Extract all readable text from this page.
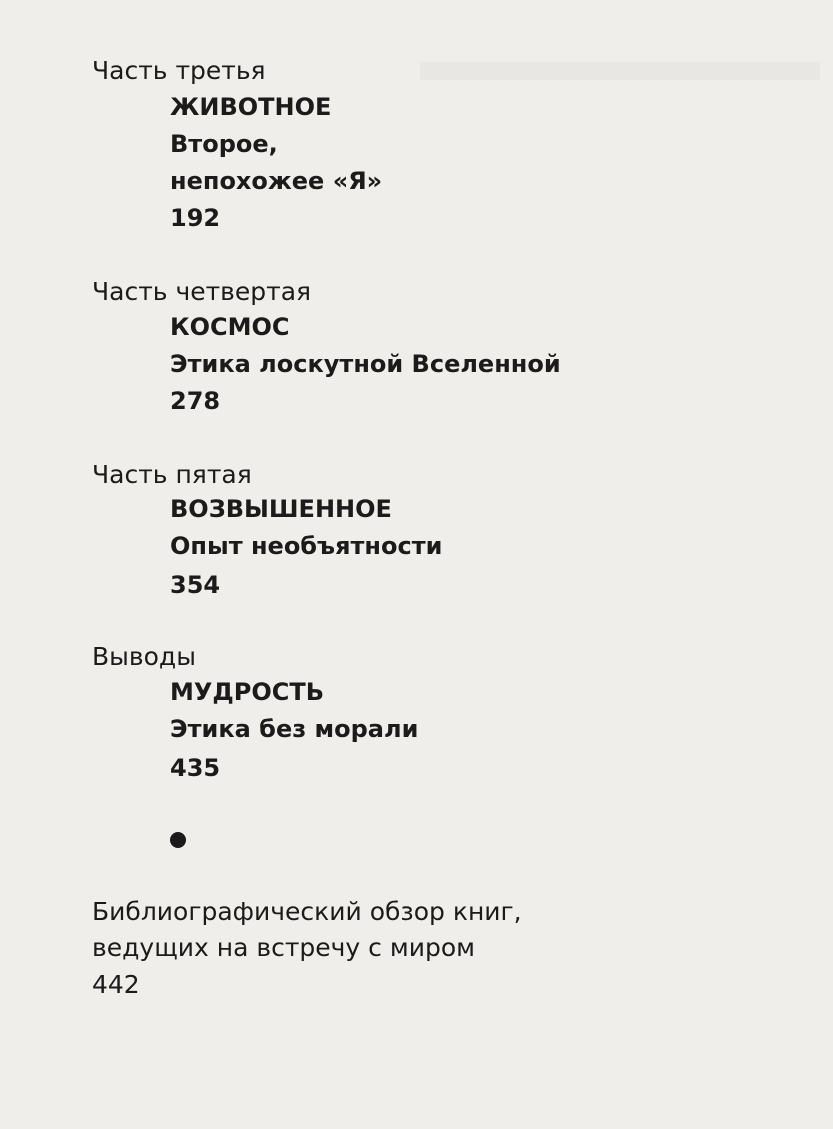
Часть третья
ЖИВОТНОЕ
Второе,
непохожее «Я»
192
Часть четвертая
КОСМОС
Этика лоскутной Вселенной
278
Часть пятая
ВОЗВЫШЕННОЕ
Опыт необъятности
354
Выводы
МУДРОСТЬ
Этика без морали
435
Библиографический обзор книг,
ведущих на встречу с миром
442
